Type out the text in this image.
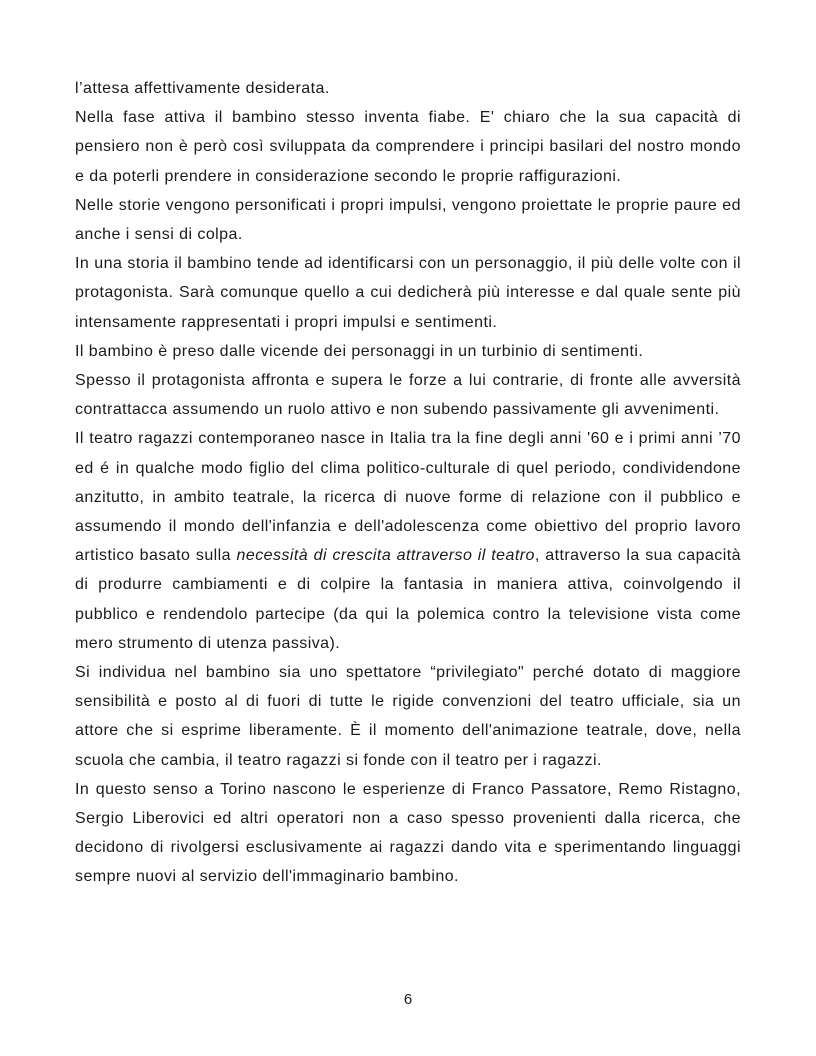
l’attesa affettivamente desiderata.

Nella fase attiva il bambino stesso inventa fiabe. E' chiaro che la sua capacità di pensiero non è però così sviluppata da comprendere i principi basilari del nostro mondo e da poterli prendere in considerazione secondo le proprie raffigurazioni.

Nelle storie vengono personificati i propri impulsi, vengono proiettate le proprie paure ed anche i sensi di colpa.

In una storia il bambino tende ad identificarsi con un personaggio, il più delle volte con il protagonista. Sarà comunque quello a cui dedicherà più interesse e dal quale sente più intensamente rappresentati i propri impulsi e sentimenti.

Il bambino è preso dalle vicende dei personaggi in un turbinio di sentimenti.

Spesso il protagonista affronta e supera le forze a lui contrarie, di fronte alle avversità contrattacca assumendo un ruolo attivo e non subendo passivamente gli avvenimenti.

Il teatro ragazzi contemporaneo nasce in Italia tra la fine degli anni '60 e i primi anni ’70 ed é in qualche modo figlio del clima politico-culturale di quel periodo, condividendone anzitutto, in ambito teatrale, la ricerca di nuove forme di relazione con il pubblico e assumendo il mondo dell'infanzia e dell'adolescenza come obiettivo del proprio lavoro artistico basato sulla necessità di crescita attraverso il teatro, attraverso la sua capacità di produrre cambiamenti e di colpire la fantasia in maniera attiva, coinvolgendo il pubblico e rendendolo partecipe (da qui la polemica contro la televisione vista come mero strumento di utenza passiva).

Si individua nel bambino sia uno spettatore “privilegiato" perché dotato di maggiore sensibilità e posto al di fuori di tutte le rigide convenzioni del teatro ufficiale, sia un attore che si esprime liberamente. È il momento dell'animazione teatrale, dove, nella scuola che cambia, il teatro ragazzi si fonde con il teatro per i ragazzi.

In questo senso a Torino nascono le esperienze di Franco Passatore, Remo Ristagno, Sergio Liberovici ed altri operatori non a caso spesso provenienti dalla ricerca, che decidono di rivolgersi esclusivamente ai ragazzi dando vita e sperimentando linguaggi sempre nuovi al servizio dell'immaginario bambino.

6
